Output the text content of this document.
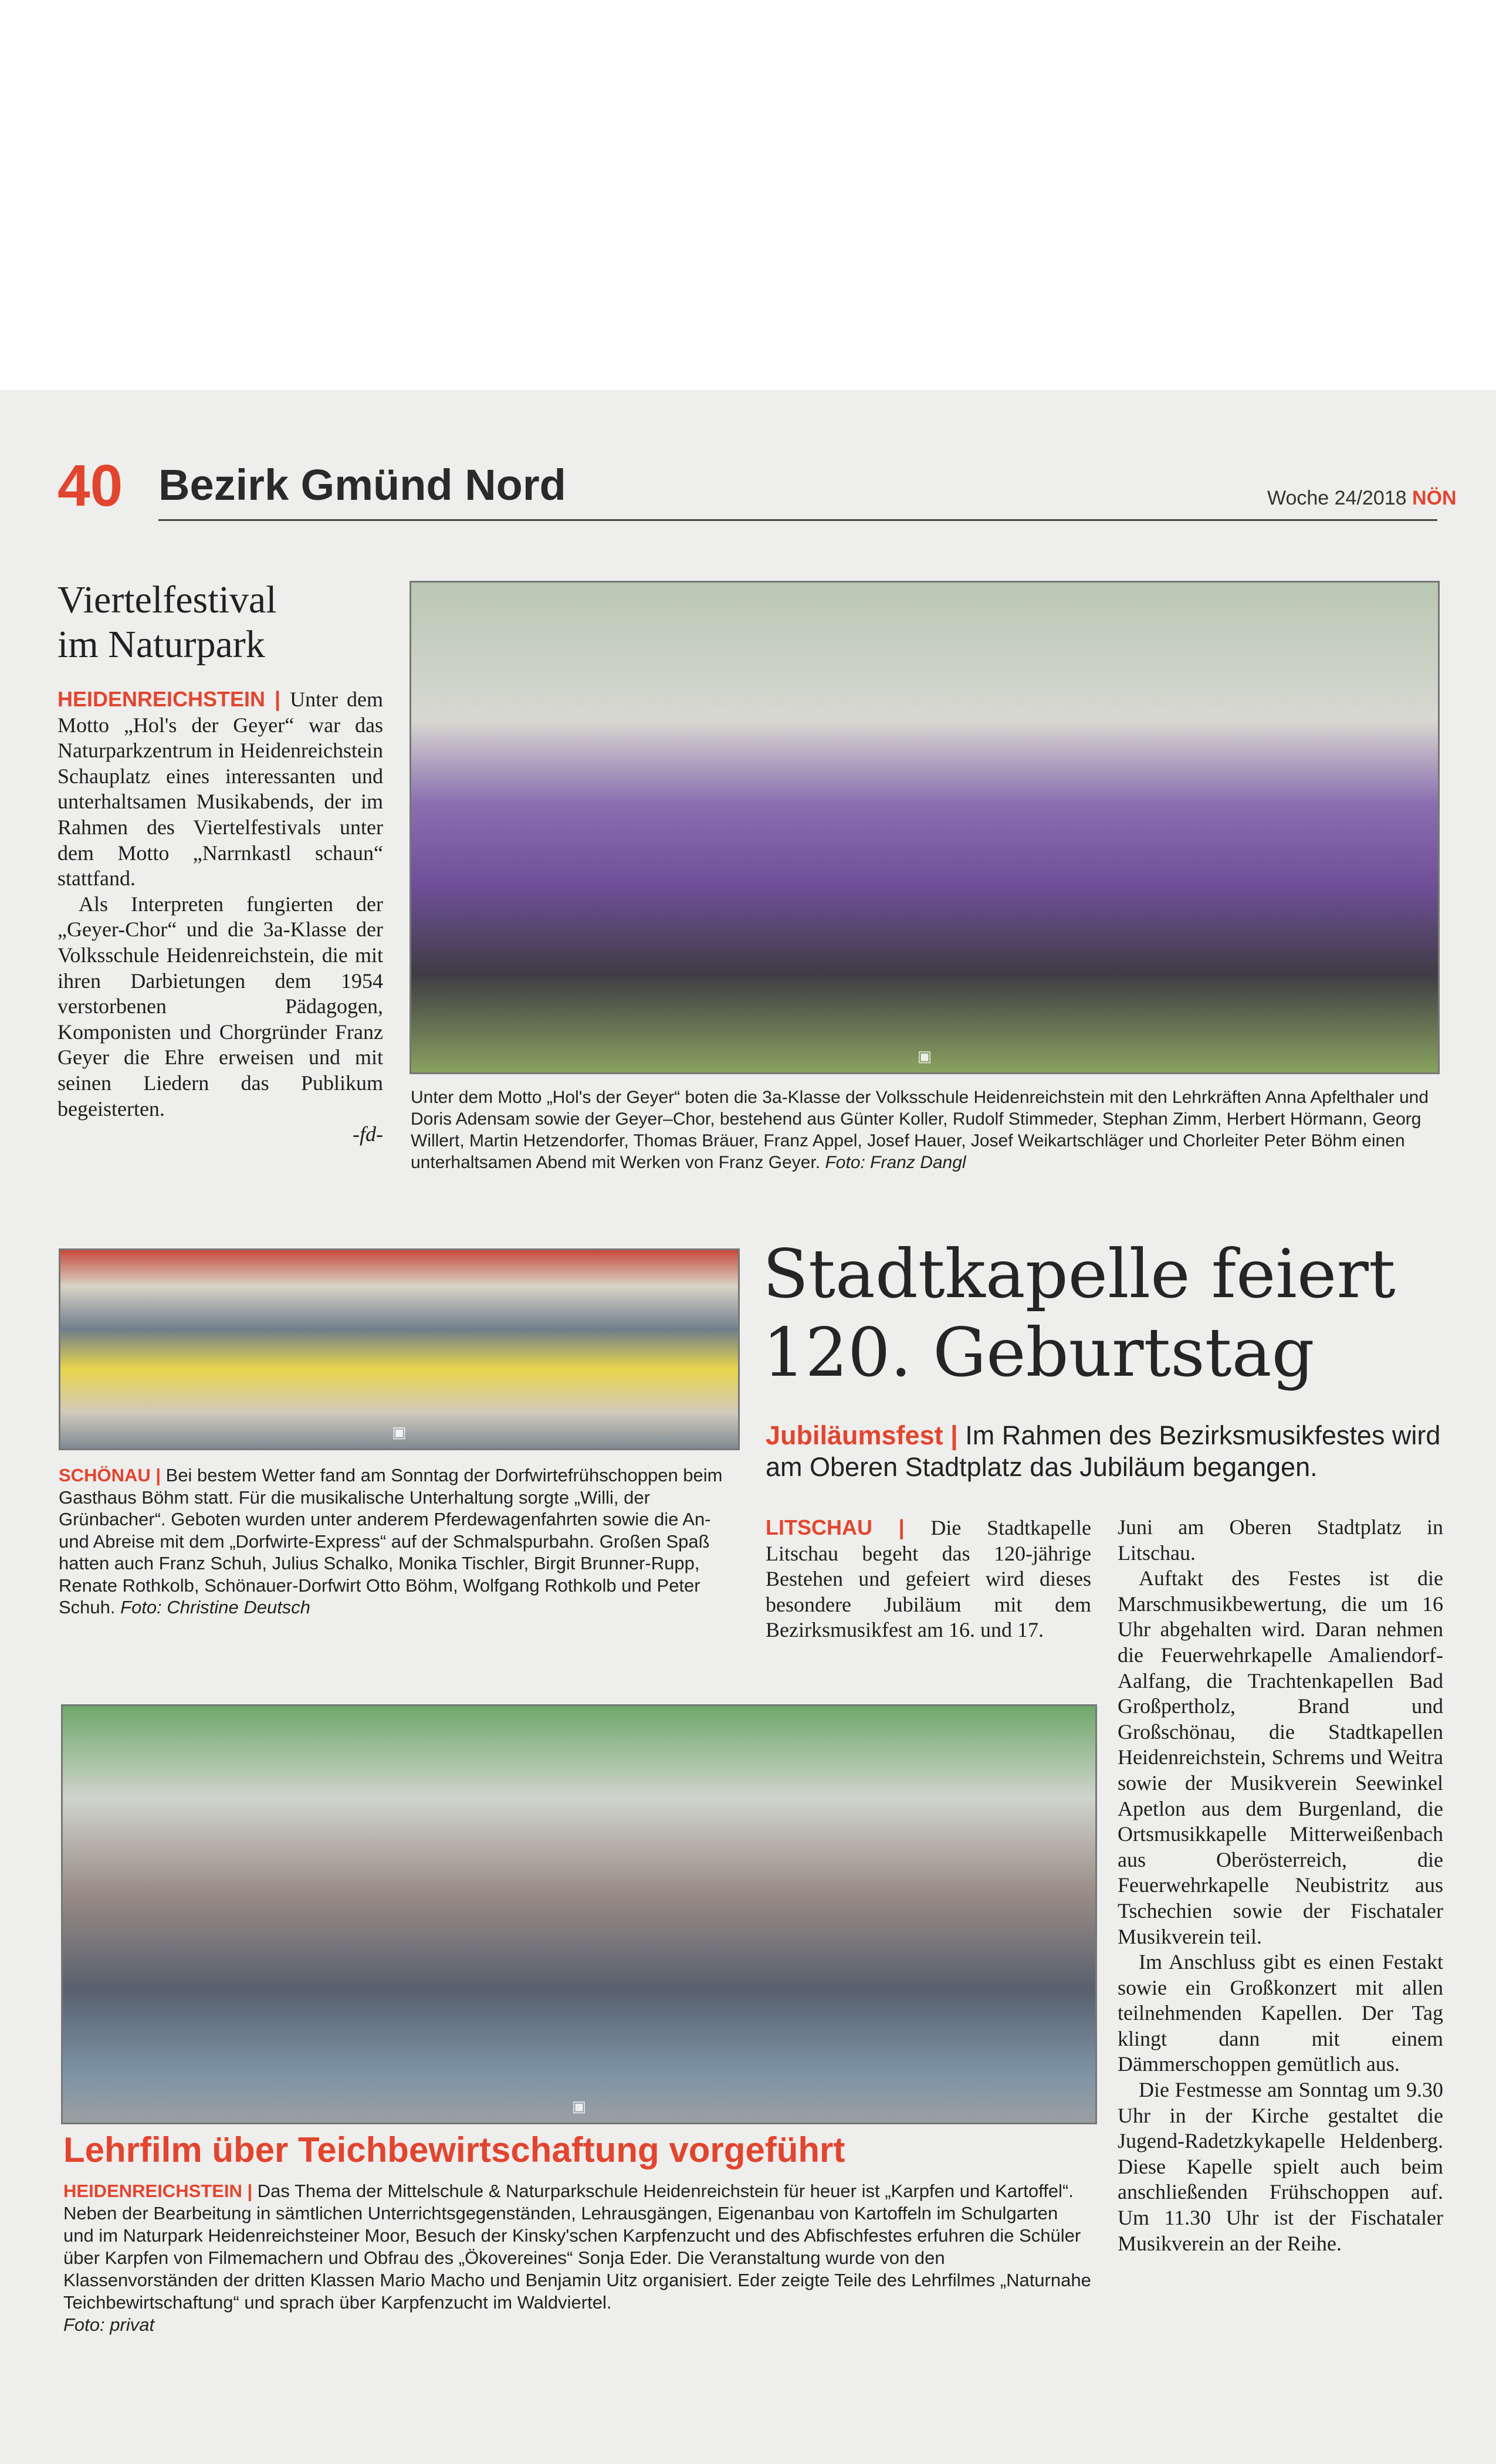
40 Bezirk Gmünd Nord	Woche 24/2018 NÖN
Viertelfestival
im Naturpark

HEIDENREICHSTEIN | Unter dem Motto „Hol's der Geyer“ war das Naturparkzentrum in Heidenreichstein Schauplatz eines interessanten und unterhaltsamen Musikabends, der im Rahmen des Viertelfestivals unter dem Motto „Narrnkastl schaun“ stattfand.

Als Interpreten fungierten der „Geyer-Chor“ und die 3a-Klasse der Volksschule Heidenreichstein, die mit ihren Darbietungen dem 1954 verstorbenen Pädagogen, Komponisten und Chorgründer Franz Geyer die Ehre erweisen und mit seinen Liedern das Publikum begeisterten.

-fd-

▣
Unter dem Motto „Hol's der Geyer“ boten die 3a-Klasse der Volksschule Heidenreichstein mit den Lehrkräften Anna Apfelthaler und Doris Adensam sowie der Geyer–Chor, bestehend aus Günter Koller, Rudolf Stimmeder, Stephan Zimm, Herbert Hörmann, Georg Willert, Martin Hetzendorfer, Thomas Bräuer, Franz Appel, Josef Hauer, Josef Weikartschläger und Chorleiter Peter Böhm einen unterhaltsamen Abend mit Werken von Franz Geyer. Foto: Franz Dangl
▣
SCHÖNAU | Bei bestem Wetter fand am Sonntag der Dorfwirtefrühschoppen beim Gasthaus Böhm statt. Für die musikalische Unterhaltung sorgte „Willi, der Grünbacher“. Geboten wurden unter anderem Pferdewagenfahrten sowie die An- und Abreise mit dem „Dorfwirte-Express“ auf der Schmalspurbahn. Großen Spaß hatten auch Franz Schuh, Julius Schalko, Monika Tischler, Birgit Brunner-Rupp, Renate Rothkolb, Schönauer-Dorfwirt Otto Böhm, Wolfgang Rothkolb und Peter Schuh. Foto: Christine Deutsch
Stadtkapelle feiert
120. Geburtstag
Jubiläumsfest | Im Rahmen des Bezirksmusikfestes wird am Oberen Stadtplatz das Jubiläum begangen.

LITSCHAU | Die Stadtkapelle Litschau begeht das 120-jährige Bestehen und gefeiert wird dieses besondere Jubiläum mit dem Bezirksmusikfest am 16. und 17.

Juni am Oberen Stadtplatz in Litschau.

Auftakt des Festes ist die Marschmusikbewertung, die um 16 Uhr abgehalten wird. Daran nehmen die Feuerwehrkapelle Amaliendorf-Aalfang, die Trachtenkapellen Bad Großpertholz, Brand und Großschönau, die Stadtkapellen Heidenreichstein, Schrems und Weitra sowie der Musikverein Seewinkel Apetlon aus dem Burgenland, die Ortsmusikkapelle Mitterweißenbach aus Oberösterreich, die Feuerwehrkapelle Neubistritz aus Tschechien sowie der Fischataler Musikverein teil.

Im Anschluss gibt es einen Festakt sowie ein Großkonzert mit allen teilnehmenden Kapellen. Der Tag klingt dann mit einem Dämmerschoppen gemütlich aus.

Die Festmesse am Sonntag um 9.30 Uhr in der Kirche gestaltet die Jugend-Radetzkykapelle Heldenberg. Diese Kapelle spielt auch beim anschließenden Frühschoppen auf. Um 11.30 Uhr ist der Fischataler Musikverein an der Reihe.

▣
Lehrfilm über Teichbewirtschaftung vorgeführt
HEIDENREICHSTEIN | Das Thema der Mittelschule & Naturparkschule Heidenreichstein für heuer ist „Karpfen und Kartoffel“. Neben der Bearbeitung in sämtlichen Unterrichtsgegenständen, Lehrausgängen, Eigenanbau von Kartoffeln im Schulgarten und im Naturpark Heidenreichsteiner Moor, Besuch der Kinsky'schen Karpfenzucht und des Abfischfestes erfuhren die Schüler über Karpfen von Filmemachern und Obfrau des „Ökovereines“ Sonja Eder. Die Veranstaltung wurde von den Klassenvorständen der dritten Klassen Mario Macho und Benjamin Uitz organisiert. Eder zeigte Teile des Lehrfilmes „Naturnahe Teichbewirtschaftung“ und sprach über Karpfenzucht im Waldviertel.
Foto: privat
